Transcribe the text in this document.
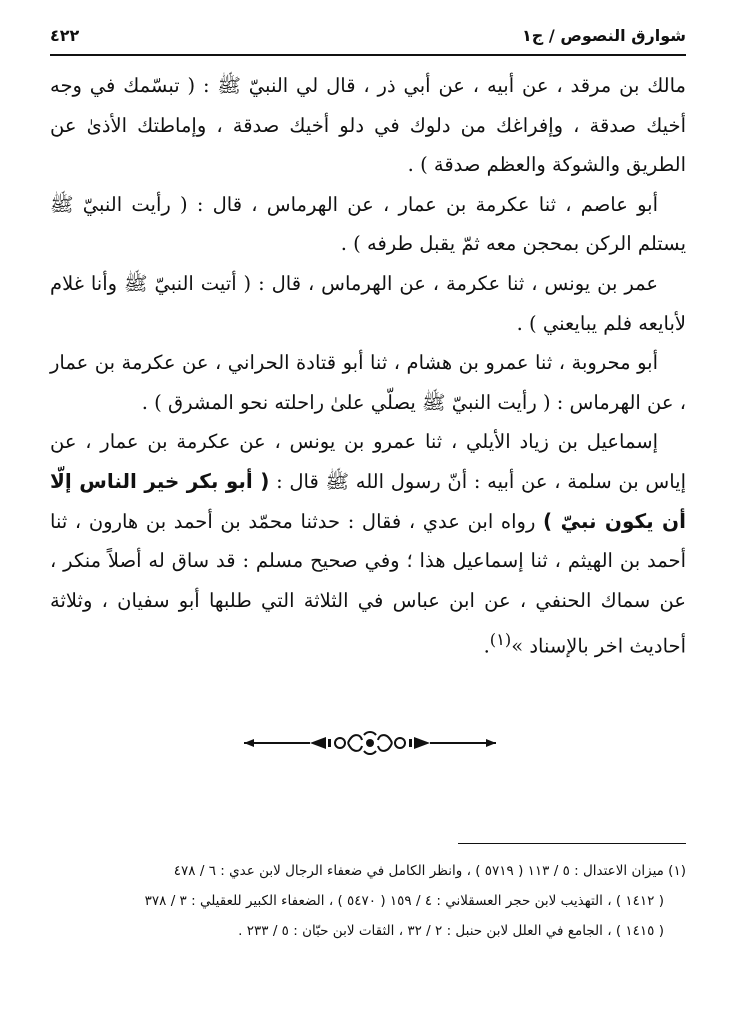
شوارق النصوص / ج١
٤٢٢

مالك بن مرقد ، عن أبيه ، عن أبي ذر ، قال لي النبيّ ﷺ : ( تبسّمك في وجه أخيك صدقة ، وإفراغك من دلوك في دلو أخيك صدقة ، وإماطتك الأذىٰ عن الطريق والشوكة والعظم صدقة ) .

أبو عاصم ، ثنا عكرمة بن عمار ، عن الهرماس ، قال : ( رأيت النبيّ ﷺ يستلم الركن بمحجن معه ثمّ يقبل طرفه ) .

عمر بن يونس ، ثنا عكرمة ، عن الهرماس ، قال : ( أتيت النبيّ ﷺ وأنا غلام لأبايعه فلم يبايعني ) .

أبو محروبة ، ثنا عمرو بن هشام ، ثنا أبو قتادة الحراني ، عن عكرمة بن عمار ، عن الهرماس : ( رأيت النبيّ ﷺ يصلّي علىٰ راحلته نحو المشرق ) .

إسماعيل بن زياد الأيلي ، ثنا عمرو بن يونس ، عن عكرمة بن عمار ، عن إياس بن سلمة ، عن أبيه : أنّ رسول الله ﷺ قال : ( أبو بكر خير الناس إلّا أن يكون نبيّ ) رواه ابن عدي ، فقال : حدثنا محمّد بن أحمد بن هارون ، ثنا أحمد بن الهيثم ، ثنا إسماعيل هذا ؛ وفي صحيح مسلم : قد ساق له أصلاً منكر ، عن سماك الحنفي ، عن ابن عباس في الثلاثة التي طلبها أبو سفيان ، وثلاثة أحاديث اخر بالإسناد »$^{(١)}$.

(١) ميزان الاعتدال : ٥ / ١١٣ ( ٥٧١٩ ) ، وانظر الكامل في ضعفاء الرجال لابن عدي : ٦ / ٤٧٨

( ١٤١٢ ) ، التهذيب لابن حجر العسقلاني : ٤ / ١٥٩ ( ٥٤٧٠ ) ، الضعفاء الكبير للعقيلي : ٣ / ٣٧٨

( ١٤١٥ ) ، الجامع في العلل لابن حنبل : ٢ / ٣٢ ، الثقات لابن حبّان : ٥ / ٢٣٣ .
